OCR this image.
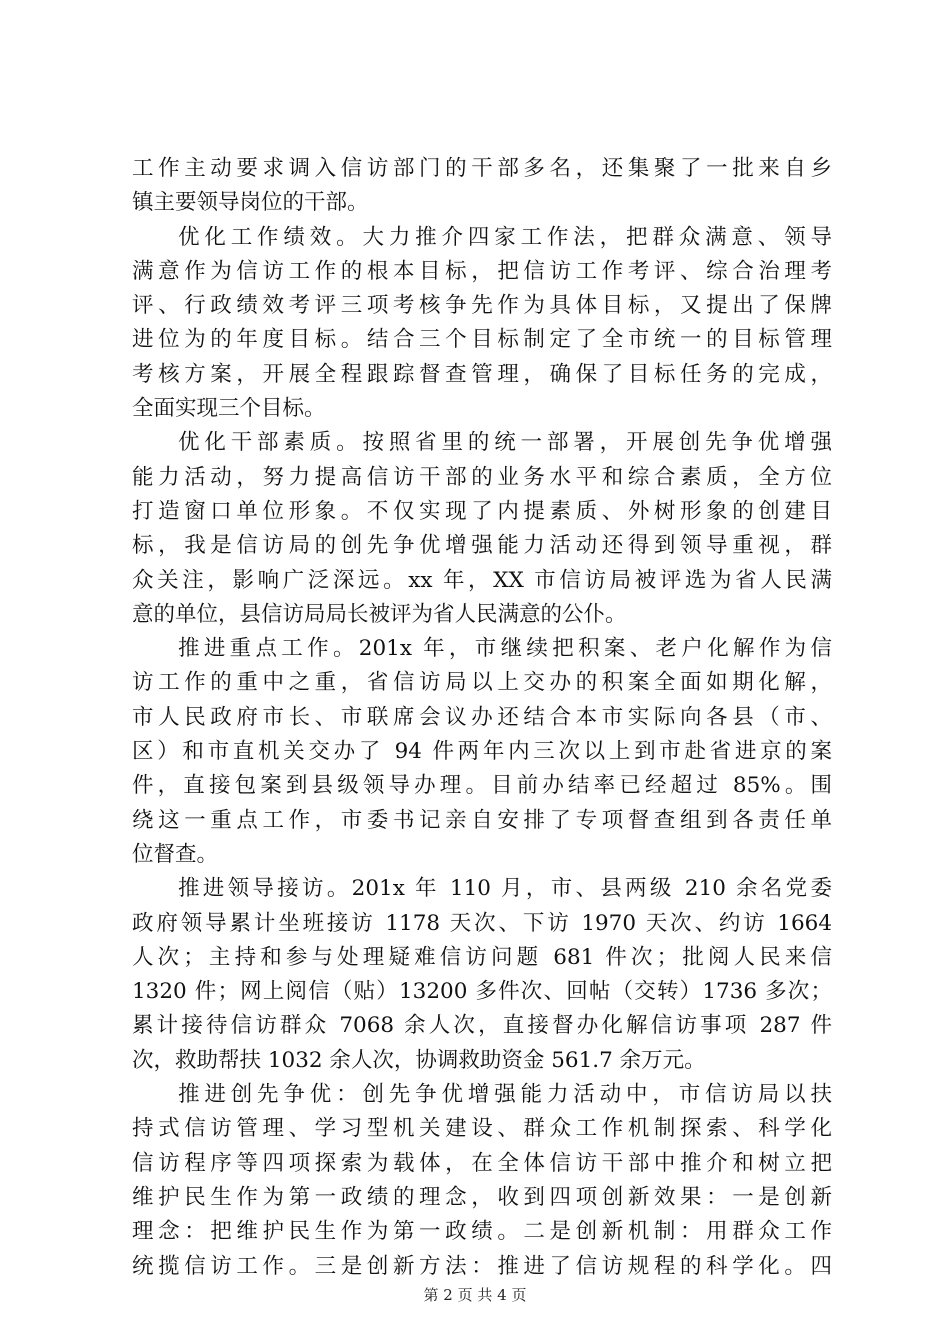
工作主动要求调入信访部门的干部多名，还集聚了一批来自乡
镇主要领导岗位的干部。
优化工作绩效。大力推介四家工作法，把群众满意、领导
满意作为信访工作的根本目标，把信访工作考评、综合治理考
评、行政绩效考评三项考核争先作为具体目标，又提出了保牌
进位为的年度目标。结合三个目标制定了全市统一的目标管理
考核方案，开展全程跟踪督查管理，确保了目标任务的完成，
全面实现三个目标。
优化干部素质。按照省里的统一部署，开展创先争优增强
能力活动，努力提高信访干部的业务水平和综合素质，全方位
打造窗口单位形象。不仅实现了内提素质、外树形象的创建目
标，我是信访局的创先争优增强能力活动还得到领导重视，群
众关注，影响广泛深远。xx 年，XX 市信访局被评选为省人民满
意的单位，县信访局局长被评为省人民满意的公仆。
推进重点工作。201x 年，市继续把积案、老户化解作为信
访工作的重中之重，省信访局以上交办的积案全面如期化解，
市人民政府市长、市联席会议办还结合本市实际向各县（市、
区）和市直机关交办了 94 件两年内三次以上到市赴省进京的案
件，直接包案到县级领导办理。目前办结率已经超过 85%。围
绕这一重点工作，市委书记亲自安排了专项督查组到各责任单
位督查。
推进领导接访。201x 年 110 月，市、县两级 210 余名党委
政府领导累计坐班接访 1178 天次、下访 1970 天次、约访 1664
人次；主持和参与处理疑难信访问题 681 件次；批阅人民来信
1320 件；网上阅信（贴）13200 多件次、回帖（交转）1736 多次；
累计接待信访群众 7068 余人次，直接督办化解信访事项 287 件
次，救助帮扶 1032 余人次，协调救助资金 561.7 余万元。
推进创先争优：创先争优增强能力活动中，市信访局以扶
持式信访管理、学习型机关建设、群众工作机制探索、科学化
信访程序等四项探索为载体，在全体信访干部中推介和树立把
维护民生作为第一政绩的理念，收到四项创新效果：一是创新
理念：把维护民生作为第一政绩。二是创新机制：用群众工作
统揽信访工作。三是创新方法：推进了信访规程的科学化。四
第 2 页 共 4 页
